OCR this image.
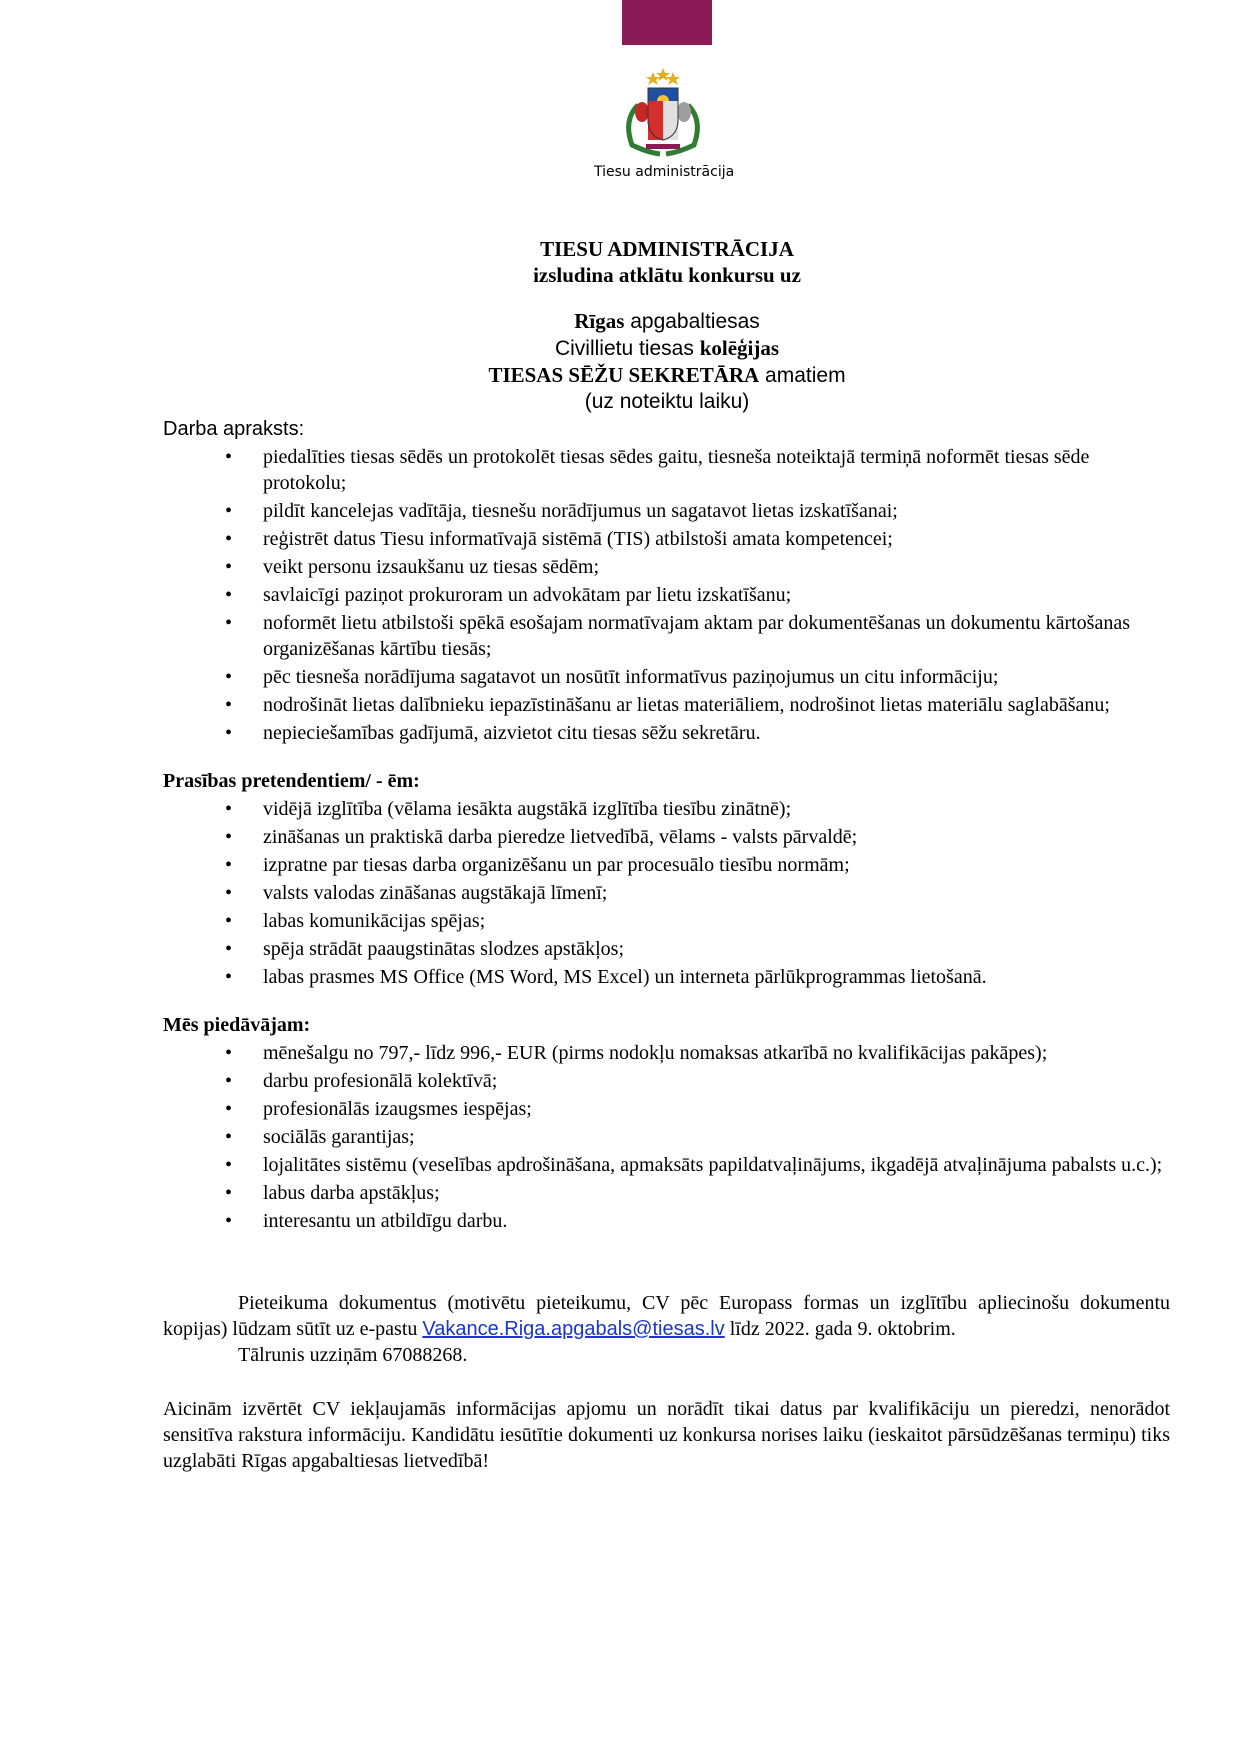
Tiesu administrācija
TIESU ADMINISTRĀCIJA
izsludina atklātu konkursu uz
Rīgas apgabaltiesas
Civillietu tiesas kolēģijas
TIESAS SĒŽU SEKRETĀRA amatiem
(uz noteiktu laiku)
Darba apraksts:
• piedalīties tiesas sēdēs un protokolēt tiesas sēdes gaitu, tiesneša noteiktajā termiņā noformēt tiesas sēde protokolu;
• pildīt kancelejas vadītāja, tiesnešu norādījumus un sagatavot lietas izskatīšanai;
• reģistrēt datus Tiesu informatīvajā sistēmā (TIS) atbilstoši amata kompetencei;
• veikt personu izsaukšanu uz tiesas sēdēm;
• savlaicīgi paziņot prokuroram un advokātam par lietu izskatīšanu;
• noformēt lietu atbilstoši spēkā esošajam normatīvajam aktam par dokumentēšanas un dokumentu kārtošanas organizēšanas kārtību tiesās;
• pēc tiesneša norādījuma sagatavot un nosūtīt informatīvus paziņojumus un citu informāciju;
• nodrošināt lietas dalībnieku iepazīstināšanu ar lietas materiāliem, nodrošinot lietas materiālu saglabāšanu;
• nepieciešamības gadījumā, aizvietot citu tiesas sēžu sekretāru.
Prasības pretendentiem/ - ēm:
• vidējā izglītība (vēlama iesākta augstākā izglītība tiesību zinātnē);
• zināšanas un praktiskā darba pieredze lietvedībā, vēlams - valsts pārvaldē;
• izpratne par tiesas darba organizēšanu un par procesuālo tiesību normām;
• valsts valodas zināšanas augstākajā līmenī;
• labas komunikācijas spējas;
• spēja strādāt paaugstinātas slodzes apstākļos;
• labas prasmes MS Office (MS Word, MS Excel) un interneta pārlūkprogrammas lietošanā.
Mēs piedāvājam:
• mēnešalgu no 797,- līdz 996,- EUR (pirms nodokļu nomaksas atkarībā no kvalifikācijas pakāpes);
• darbu profesionālā kolektīvā;
• profesionālās izaugsmes iespējas;
• sociālās garantijas;
• lojalitātes sistēmu (veselības apdrošināšana, apmaksāts papildatvaļinājums, ikgadējā atvaļinājuma pabalsts u.c.);
• labus darba apstākļus;
• interesantu un atbildīgu darbu.
Pieteikuma dokumentus (motivētu pieteikumu, CV pēc Europass formas un izglītību apliecinošu dokumentu kopijas) lūdzam sūtīt uz e-pastu Vakance.Riga.apgabals@tiesas.lv līdz 2022. gada 9. oktobrim.
Tālrunis uzziņām 67088268.
Aicinām izvērtēt CV iekļaujamās informācijas apjomu un norādīt tikai datus par kvalifikāciju un pieredzi, nenorādot sensitīva rakstura informāciju. Kandidātu iesūtītie dokumenti uz konkursa norises laiku (ieskaitot pārsūdzēšanas termiņu) tiks uzglabāti Rīgas apgabaltiesas lietvedībā!
